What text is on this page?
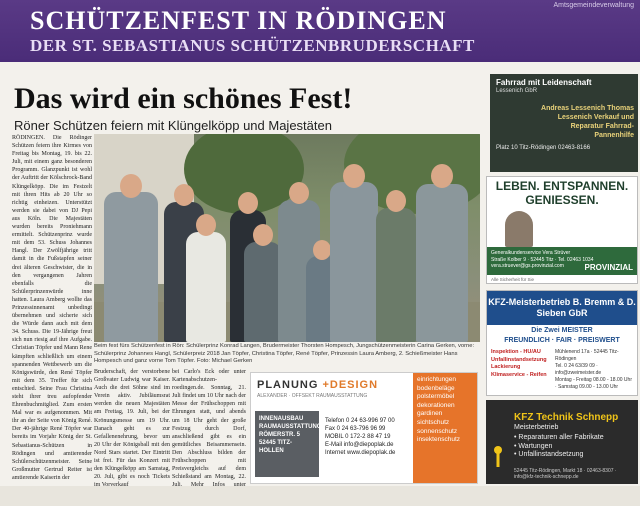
Amtsgemeindeverwaltung
SCHÜTZENFEST IN RÖDINGEN
DER ST. SEBASTIANUS SCHÜTZENBRUDERSCHAFT
Das wird ein schönes Fest!
Röner Schützen feiern mit Klüngelköpp und Majestäten
RÖDINGEN. Die Rödinger Schützen feiern ihre Kirmes von Freitag bis Montag, 19. bis 22. Juli, mit einem ganz besonderen Programm. Glanzpunkt ist wohl der Auftritt der Kölschrock-Band Klüngelköpp. Die im Festzelt mit ihren Hits ab 20 Uhr so richtig einheizen. Unterstützt werden sie dabei von DJ Pepi aus Köln. Die Majestäten wurden bereits Proniehmann ermittelt. Schützenprinz wurde mit dem 53. Schuss Johannes Hangl. Der Zwölfjährige tritt damit in die Fußstapfen seiner drei älteren Geschwister, die in den vergangenen Jahren ebenfalls die Schülerprinzenwürde inne hatten. Laura Amberg wollte das Prinzessinnenamt unbedingt übernehmen und sicherte sich die Würde dann auch mit dem 34. Schuss. Die 19-Jährige freut sich nun riesig auf ihre Aufgabe. Christian Töpfer und Mann Rene kämpften schließlich um einem spannenden Wettbewerb um die Königswürde, den René Töpfer mit dem 35. Treffer für sich entschied. Seine Frau Christina steht ihrer treu aufopfender Ehrenbuchmitglied. Zum ersten Mal war es aufgenommen. Mit ihr an der Seite von König René. Der 40-jährige René Töpfer war bereits im Vorjahr König der St. Sebastianus-Schützen in Rödingen und amtierender Schülerschützenmeister. Seine Großmutter Gertrud Reiter ist amtierende Kaiserin der
Beim fest fürs Schützenfest in Rön: Schülerprinz Konrad Langen, Brudermeister Thorsten Hompesch, Jungschützenmeisterin Carina Gerken, vorne: Schülerprinz Johannes Hangl, Schülerpreiz 2018 Jan Töpfer, Christina Töpfer, René Töpfer, Prinzessin Laura Amberg, 2. Schießmeister Hans Hompesch und ganz vorne Tom Töpfer. Foto: Michael Gerken
Bruderschaft, der verstorbene Großvater Ludwig war Kaiser. Auch die drei Söhne sind im Verein aktiv. Jubiläumsrat werden die neuen Majestäten am Freitag, 19. Juli, bei der Krönungsmesse um 19 Uhr. Danach geht es zur Gefallenenehrung, bevor um 20 Uhr der Königsball mit den Nord Stars startet. Der Eintritt ist frei. Für das Konzert mit den Klüngelköpp am Samstag, 20. Juli, gibt es noch Tickets
bei Carlo's Eck oder unter Kartenabschutzen-roedingen.de. Sonntag, 21. Juli findet um 10 Uhr nach der Messe der Frühschoppen mit Ehrungen statt, und abends um 18 Uhr geht der große Festzug durch Dorf, anschließend gibt es ein gemütliches Beisammensein. Den Abschluss bilden der Frühschoppen mit Preisvergleichs auf dem Schießstand am Montag, 22.
PLANUNG +DESIGN
ALEXANDER · OFFSEKT RAUMAUSSTATTUNG
INNENAUSBAU RAUMAUSSTATTUNG RÖMERSTR. 5 52445 TITZ-HOLLEN
Telefon 0 24 63-996 97 00
Fax 0 24 63-796 96 99
MOBIL 0 172-2 88 47 19
E-Mail info@diepoplak.de
Internet www.diepoplak.de
einrichtungen
bodenbeläge
polstermöbel
dekorationen
gardinen
sichtschutz
sonnenschutz
insektenschutz
Fahrrad mit Leidenschaft
Lessenich GbR
Andreas Lessenich Thomas Lessenich Verkauf und Reparatur Fahrrad-Pannenhilfe
Platz 10 Titz-Rödingen 02463-8166
LEBEN. ENTSPANNEN. GENIESSEN.
Generalkundenservice Vera Strüver
Straße Kolber 9 · 52445 Titz · Tel. 02463 1034
vera.struever@gs.provinzial.com	PROVINZIAL
Alle Sicherheit für Sie
KFZ-Meisterbetrieb B. Bremm & D. Sieben GbR
Die Zwei MEISTER
FREUNDLICH · FAIR · PREISWERT
Inspektion - HU/AU
Unfallinstandsetzung
Lackierung
Klimaservice - Reifen
Mühlenend 17a · 52445 Titz-Rödingen
Tel. 0 24 63/39 09 · info@zweimeister.de
Montag - Freitag 08.00 - 18.00 Uhr · Samstag 09.00 - 13.00 Uhr
KFZ Technik Schnepp
Meisterbetrieb
• Reparaturen aller Fabrikate
• Wartungen
• Unfallinstandsetzung
52445 Titz-Rödingen, Markt 18 · 02463-8307 · info@kfz-technik-schnepp.de
